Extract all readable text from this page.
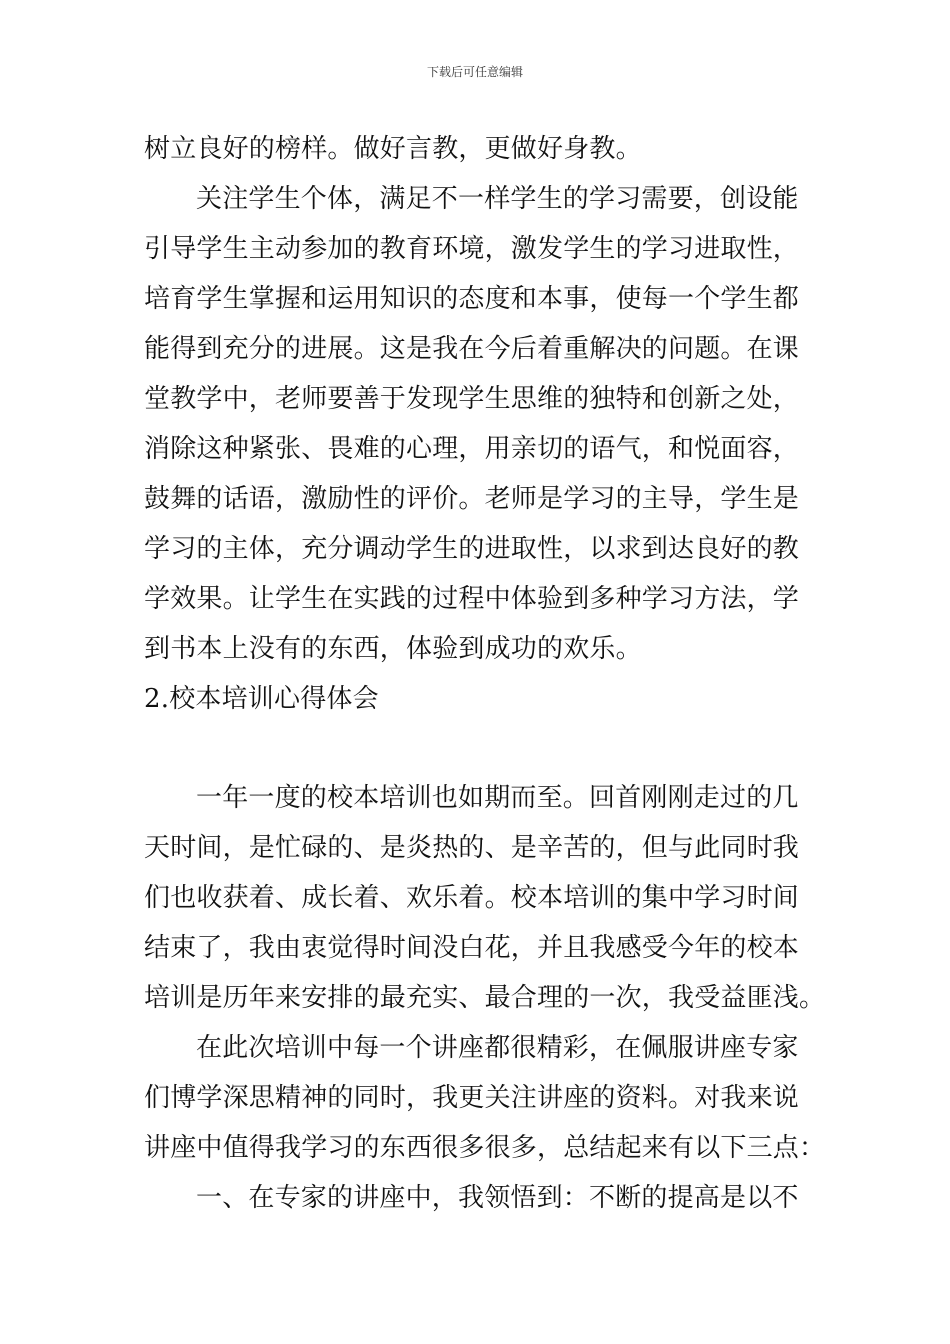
下载后可任意编辑
树立良好的榜样。做好言教，更做好身教。
关注学生个体，满足不一样学生的学习需要，创设能
引导学生主动参加的教育环境，激发学生的学习进取性，
培育学生掌握和运用知识的态度和本事，使每一个学生都
能得到充分的进展。这是我在今后着重解决的问题。在课
堂教学中，老师要善于发现学生思维的独特和创新之处，
消除这种紧张、畏难的心理，用亲切的语气，和悦面容，
鼓舞的话语，激励性的评价。老师是学习的主导，学生是
学习的主体，充分调动学生的进取性，以求到达良好的教
学效果。让学生在实践的过程中体验到多种学习方法，学
到书本上没有的东西，体验到成功的欢乐。
2.校本培训心得体会
一年一度的校本培训也如期而至。回首刚刚走过的几
天时间，是忙碌的、是炎热的、是辛苦的，但与此同时我
们也收获着、成长着、欢乐着。校本培训的集中学习时间
结束了，我由衷觉得时间没白花，并且我感受今年的校本
培训是历年来安排的最充实、最合理的一次，我受益匪浅。
在此次培训中每一个讲座都很精彩，在佩服讲座专家
们博学深思精神的同时，我更关注讲座的资料。对我来说
讲座中值得我学习的东西很多很多，总结起来有以下三点：
一、在专家的讲座中，我领悟到：不断的提高是以不
